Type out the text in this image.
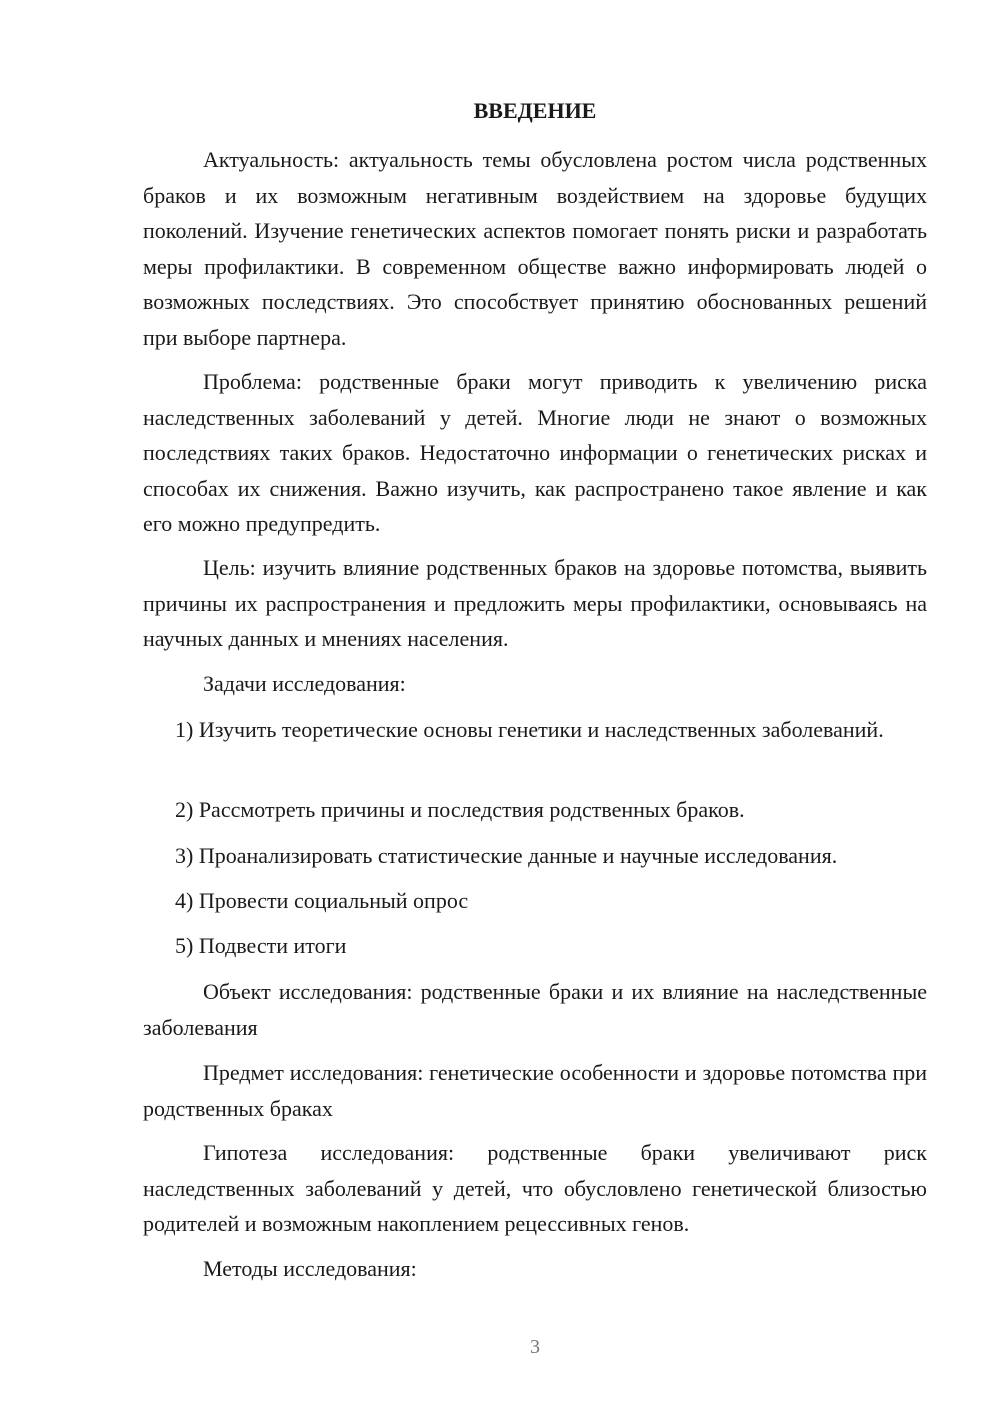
ВВЕДЕНИЕ

Актуальность: актуальность темы обусловлена ростом числа родственных браков и их возможным негативным воздействием на здоровье будущих поколений. Изучение генетических аспектов помогает понять риски и разработать меры профилактики. В современном обществе важно информировать людей о возможных последствиях. Это способствует принятию обоснованных решений при выборе партнера.

Проблема: родственные браки могут приводить к увеличению риска наследственных заболеваний у детей. Многие люди не знают о возможных последствиях таких браков. Недостаточно информации о генетических рисках и способах их снижения. Важно изучить, как распространено такое явление и как его можно предупредить.

Цель: изучить влияние родственных браков на здоровье потомства, выявить причины их распространения и предложить меры профилактики, основываясь на научных данных и мнениях населения.

Задачи исследования:

1) Изучить теоретические основы генетики и наследственных заболеваний.

2) Рассмотреть причины и последствия родственных браков.

3) Проанализировать статистические данные и научные исследования.

4) Провести социальный опрос

5) Подвести итоги

Объект исследования: родственные браки и их влияние на наследственные заболевания

Предмет исследования: генетические особенности и здоровье потомства при родственных браках

Гипотеза исследования: родственные браки увеличивают риск наследственных заболеваний у детей, что обусловлено генетической близостью родителей и возможным накоплением рецессивных генов.

Методы исследования:

3
